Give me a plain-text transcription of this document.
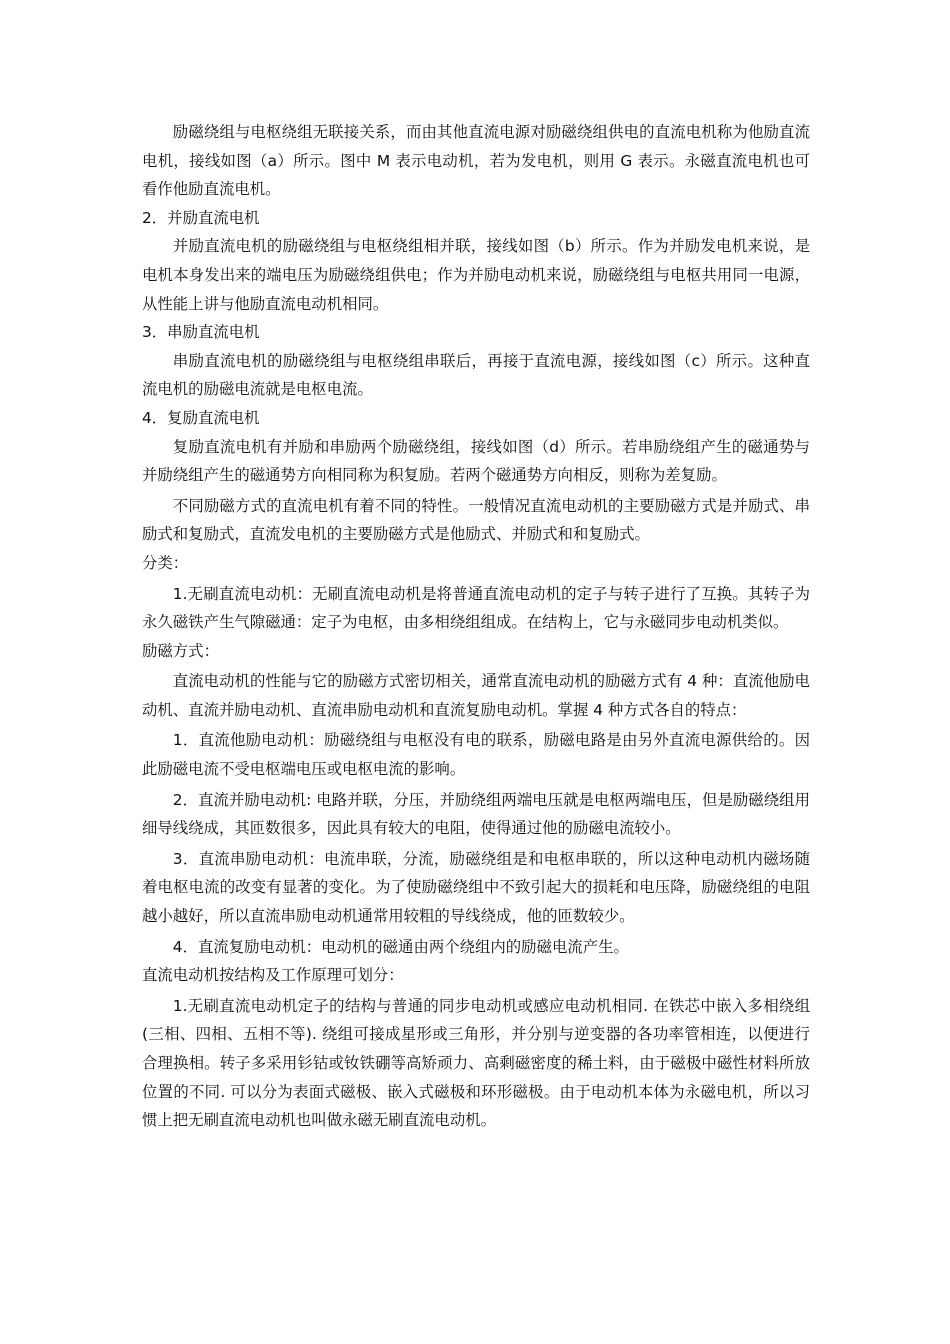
励磁绕组与电枢绕组无联接关系，而由其他直流电源对励磁绕组供电的直流电机称为他励直流电机，接线如图（a）所示。图中 M 表示电动机，若为发电机，则用 G 表示。永磁直流电机也可看作他励直流电机。

2．并励直流电机

并励直流电机的励磁绕组与电枢绕组相并联，接线如图（b）所示。作为并励发电机来说，是电机本身发出来的端电压为励磁绕组供电；作为并励电动机来说，励磁绕组与电枢共用同一电源，从性能上讲与他励直流电动机相同。

3．串励直流电机

串励直流电机的励磁绕组与电枢绕组串联后，再接于直流电源，接线如图（c）所示。这种直流电机的励磁电流就是电枢电流。

4．复励直流电机

复励直流电机有并励和串励两个励磁绕组，接线如图（d）所示。若串励绕组产生的磁通势与并励绕组产生的磁通势方向相同称为积复励。若两个磁通势方向相反，则称为差复励。

不同励磁方式的直流电机有着不同的特性。一般情况直流电动机的主要励磁方式是并励式、串励式和复励式，直流发电机的主要励磁方式是他励式、并励式和和复励式。

分类：

1.无刷直流电动机：无刷直流电动机是将普通直流电动机的定子与转子进行了互换。其转子为永久磁铁产生气隙磁通：定子为电枢，由多相绕组组成。在结构上，它与永磁同步电动机类似。

励磁方式：

直流电动机的性能与它的励磁方式密切相关，通常直流电动机的励磁方式有 4 种：直流他励电动机、直流并励电动机、直流串励电动机和直流复励电动机。掌握 4 种方式各自的特点：

1．直流他励电动机：励磁绕组与电枢没有电的联系，励磁电路是由另外直流电源供给的。因此励磁电流不受电枢端电压或电枢电流的影响。

2．直流并励电动机: 电路并联，分压，并励绕组两端电压就是电枢两端电压，但是励磁绕组用细导线绕成，其匝数很多，因此具有较大的电阻，使得通过他的励磁电流较小。

3．直流串励电动机：电流串联，分流，励磁绕组是和电枢串联的，所以这种电动机内磁场随着电枢电流的改变有显著的变化。为了使励磁绕组中不致引起大的损耗和电压降，励磁绕组的电阻越小越好，所以直流串励电动机通常用较粗的导线绕成，他的匝数较少。

4．直流复励电动机：电动机的磁通由两个绕组内的励磁电流产生。

直流电动机按结构及工作原理可划分：

1.无刷直流电动机定子的结构与普通的同步电动机或感应电动机相同. 在铁芯中嵌入多相绕组(三相、四相、五相不等). 绕组可接成星形或三角形，并分别与逆变器的各功率管相连，以便进行合理换相。转子多采用钐钴或钕铁硼等高矫顽力、高剩磁密度的稀土料，由于磁极中磁性材料所放位置的不同. 可以分为表面式磁极、嵌入式磁极和环形磁极。由于电动机本体为永磁电机，所以习惯上把无刷直流电动机也叫做永磁无刷直流电动机。
